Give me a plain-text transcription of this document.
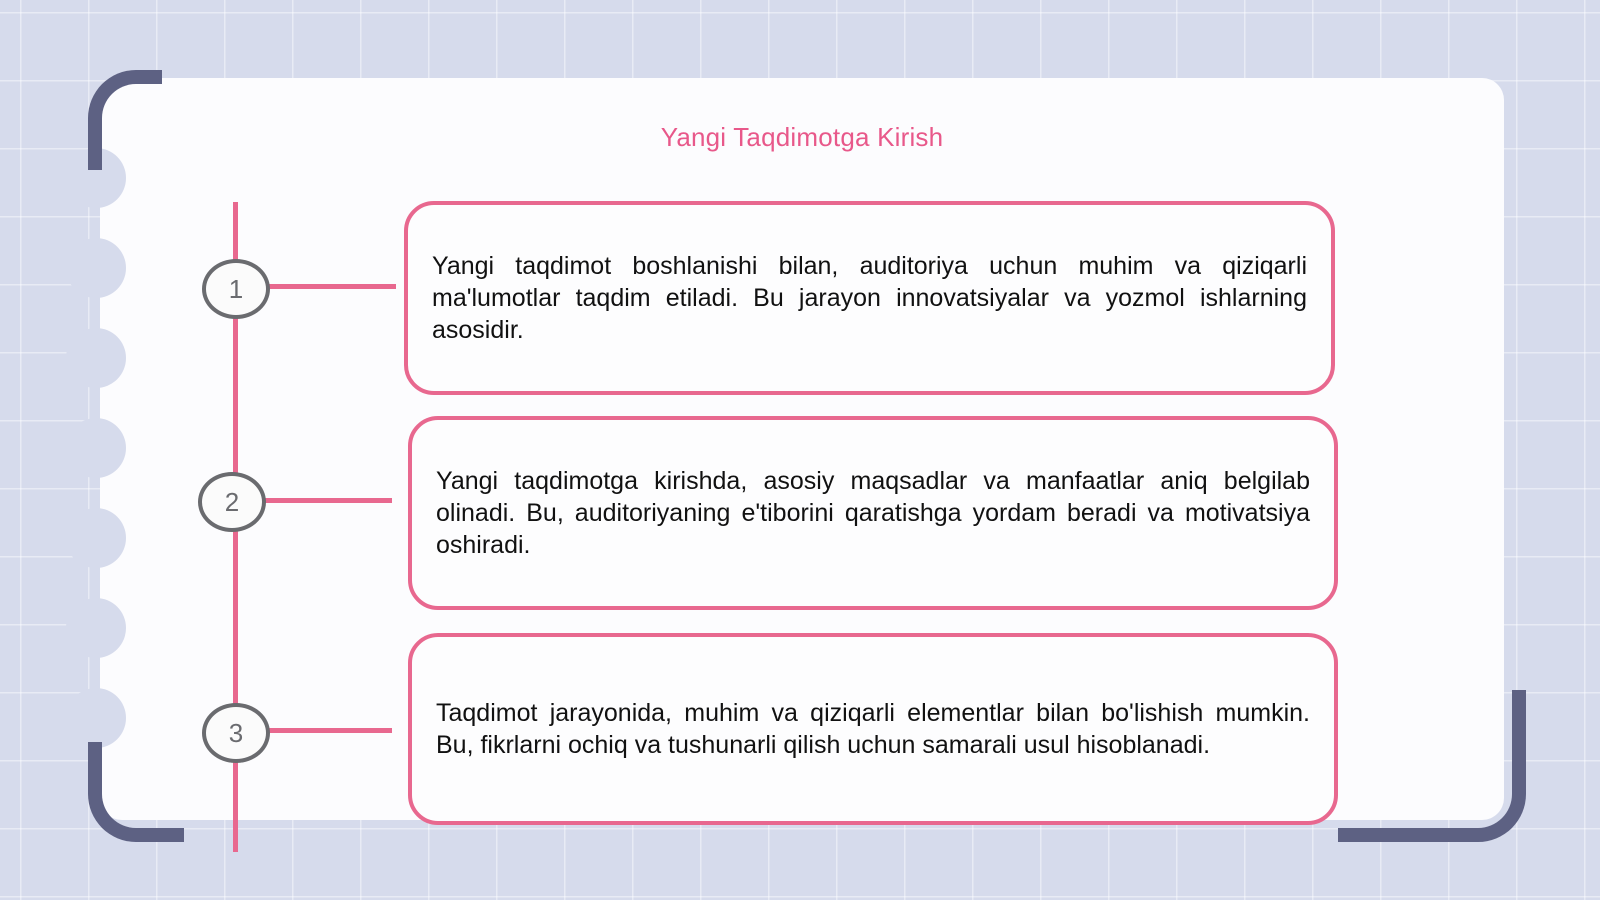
Yangi Taqdimotga Kirish
1

Yangi taqdimot boshlanishi bilan, auditoriya uchun muhim va qiziqarli ma'lumotlar taqdim etiladi. Bu jarayon innovatsiyalar va yozmol ishlarning asosidir.

2

Yangi taqdimotga kirishda, asosiy maqsadlar va manfaatlar aniq belgilab olinadi. Bu, auditoriyaning e'tiborini qaratishga yordam beradi va motivatsiya oshiradi.

3

Taqdimot jarayonida, muhim va qiziqarli elementlar bilan bo'lishish mumkin. Bu, fikrlarni ochiq va tushunarli qilish uchun samarali usul hisoblanadi.
